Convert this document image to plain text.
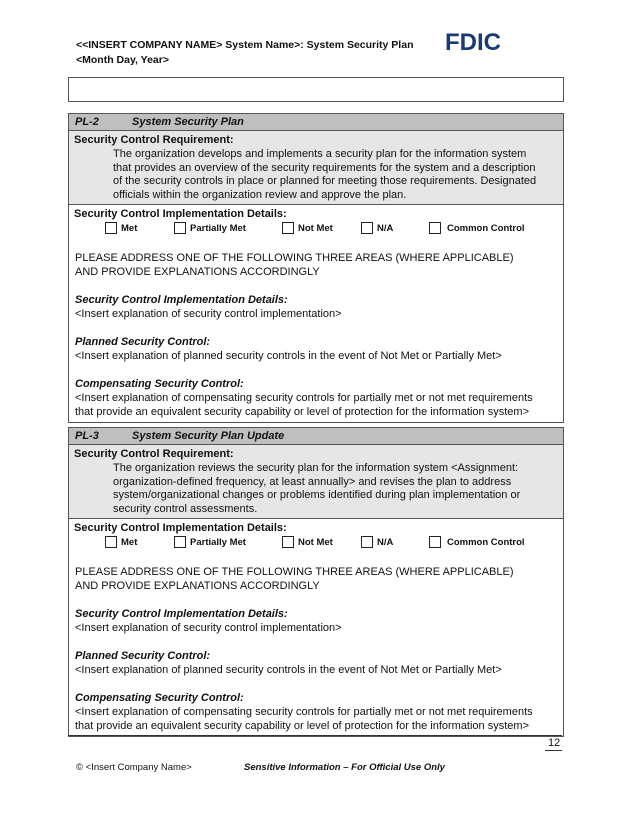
<<INSERT COMPANY NAME> System Name>: System Security Plan
<Month Day, Year>
FDIC
PL-2	System Security Plan
Security Control Requirement:
The organization develops and implements a security plan for the information system
that provides an overview of the security requirements for the system and a description
of the security controls in place or planned for meeting those requirements. Designated
officials within the organization review and approve the plan.
Security Control Implementation Details:
Met	Partially Met	Not Met	N/A	Common Control

PLEASE ADDRESS ONE OF THE FOLLOWING THREE AREAS (WHERE APPLICABLE)

AND PROVIDE EXPLANATIONS ACCORDINGLY

Security Control Implementation Details:

<Insert explanation of security control implementation>

Planned Security Control:

<Insert explanation of planned security controls in the event of Not Met or Partially Met>

Compensating Security Control:

<Insert explanation of compensating security controls for partially met or not met requirements

that provide an equivalent security capability or level of protection for the information system>

PL-3	System Security Plan Update
Security Control Requirement:
The organization reviews the security plan for the information system <Assignment:
organization-defined frequency, at least annually> and revises the plan to address
system/organizational changes or problems identified during plan implementation or
security control assessments.
Security Control Implementation Details:
Met	Partially Met	Not Met	N/A	Common Control

PLEASE ADDRESS ONE OF THE FOLLOWING THREE AREAS (WHERE APPLICABLE)

AND PROVIDE EXPLANATIONS ACCORDINGLY

Security Control Implementation Details:

<Insert explanation of security control implementation>

Planned Security Control:

<Insert explanation of planned security controls in the event of Not Met or Partially Met>

Compensating Security Control:

<Insert explanation of compensating security controls for partially met or not met requirements

that provide an equivalent security capability or level of protection for the information system>

12
© <Insert Company Name>	Sensitive Information – For Official Use Only
